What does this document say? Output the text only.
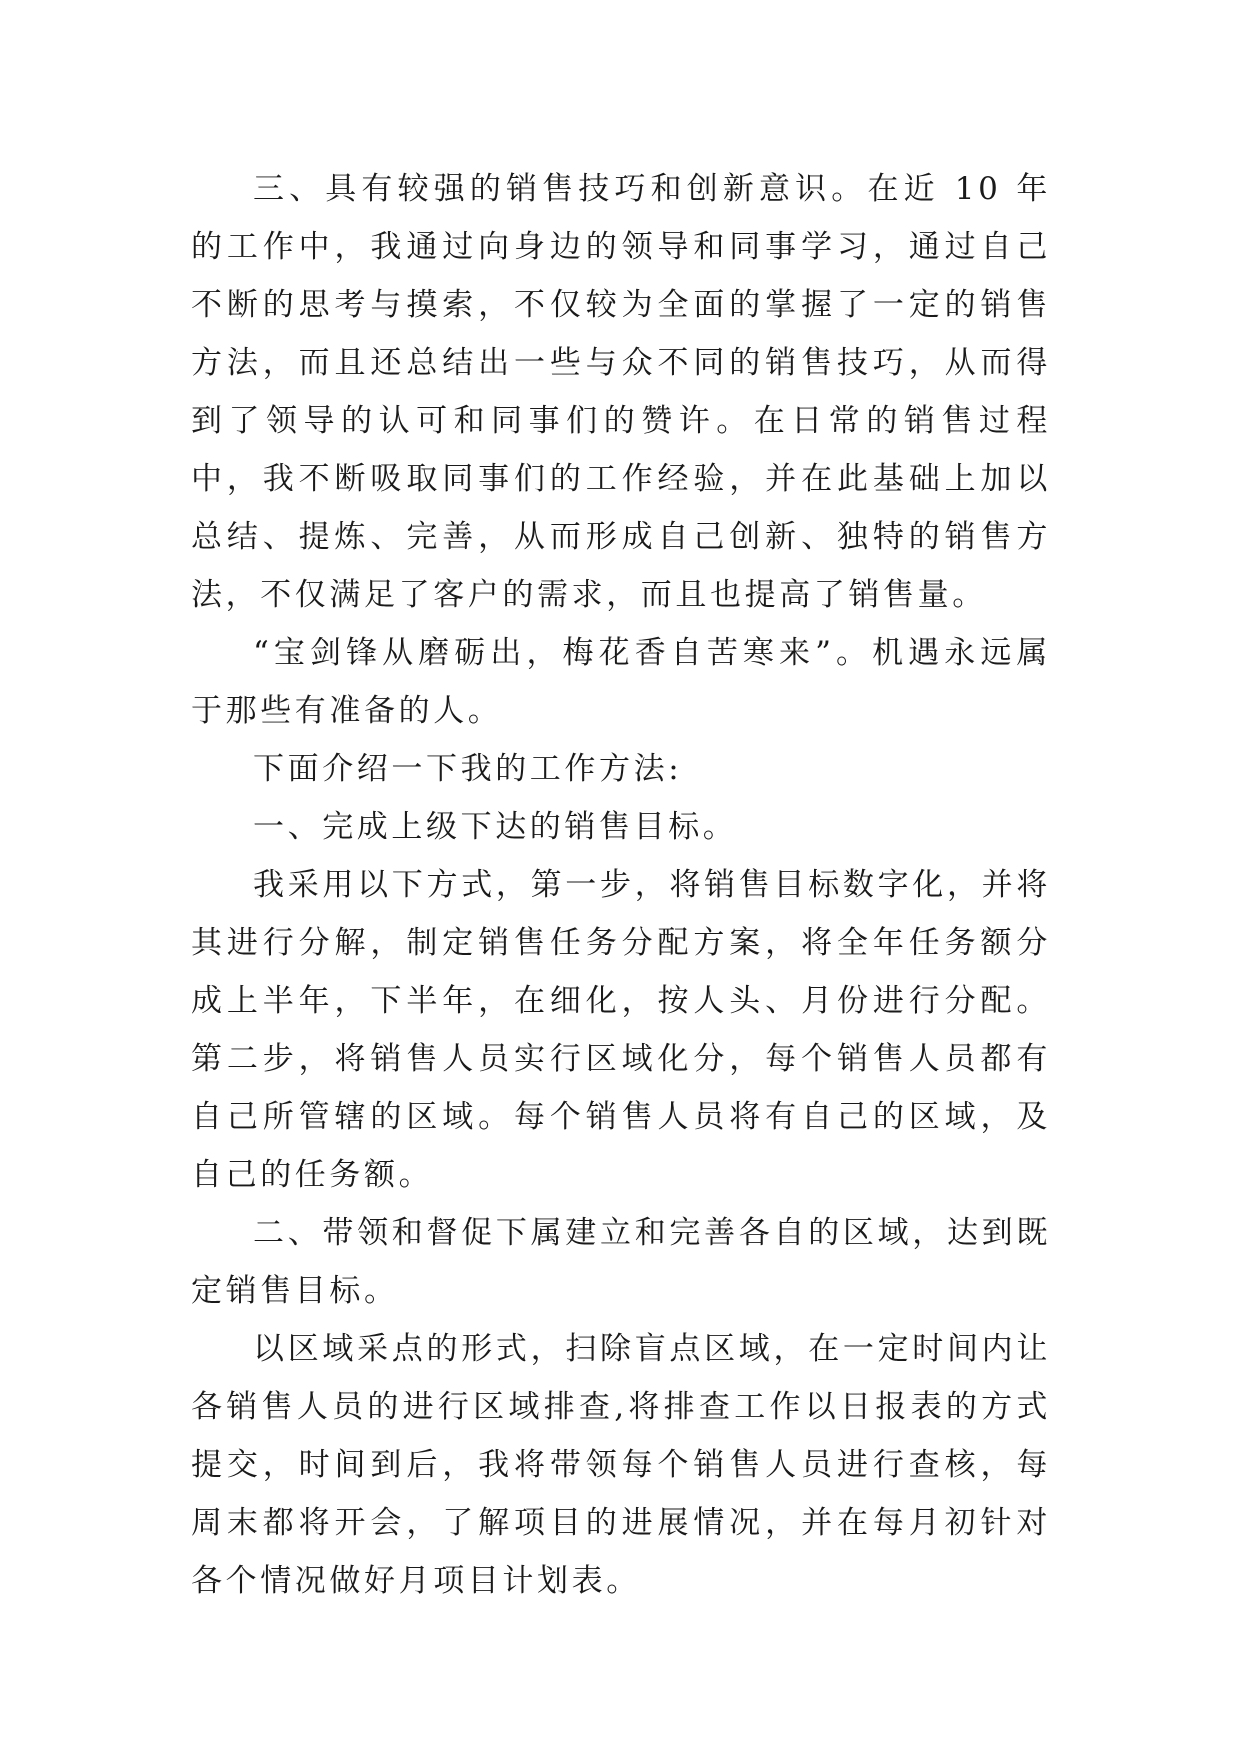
三、具有较强的销售技巧和创新意识。在近 10 年的工作中，我通过向身边的领导和同事学习，通过自己不断的思考与摸索，不仅较为全面的掌握了一定的销售方法，而且还总结出一些与众不同的销售技巧，从而得到了领导的认可和同事们的赞许。在日常的销售过程中，我不断吸取同事们的工作经验，并在此基础上加以总结、提炼、完善，从而形成自己创新、独特的销售方法，不仅满足了客户的需求，而且也提高了销售量。

“宝剑锋从磨砺出，梅花香自苦寒来”。机遇永远属于那些有准备的人。

下面介绍一下我的工作方法:

一、完成上级下达的销售目标。

我采用以下方式，第一步，将销售目标数字化，并将其进行分解，制定销售任务分配方案，将全年任务额分成上半年，下半年，在细化，按人头、月份进行分配。第二步，将销售人员实行区域化分，每个销售人员都有自己所管辖的区域。每个销售人员将有自己的区域，及自己的任务额。

二、带领和督促下属建立和完善各自的区域，达到既定销售目标。

以区域采点的形式，扫除盲点区域，在一定时间内让各销售人员的进行区域排查,将排查工作以日报表的方式提交，时间到后，我将带领每个销售人员进行查核，每周末都将开会，了解项目的进展情况，并在每月初针对各个情况做好月项目计划表。
